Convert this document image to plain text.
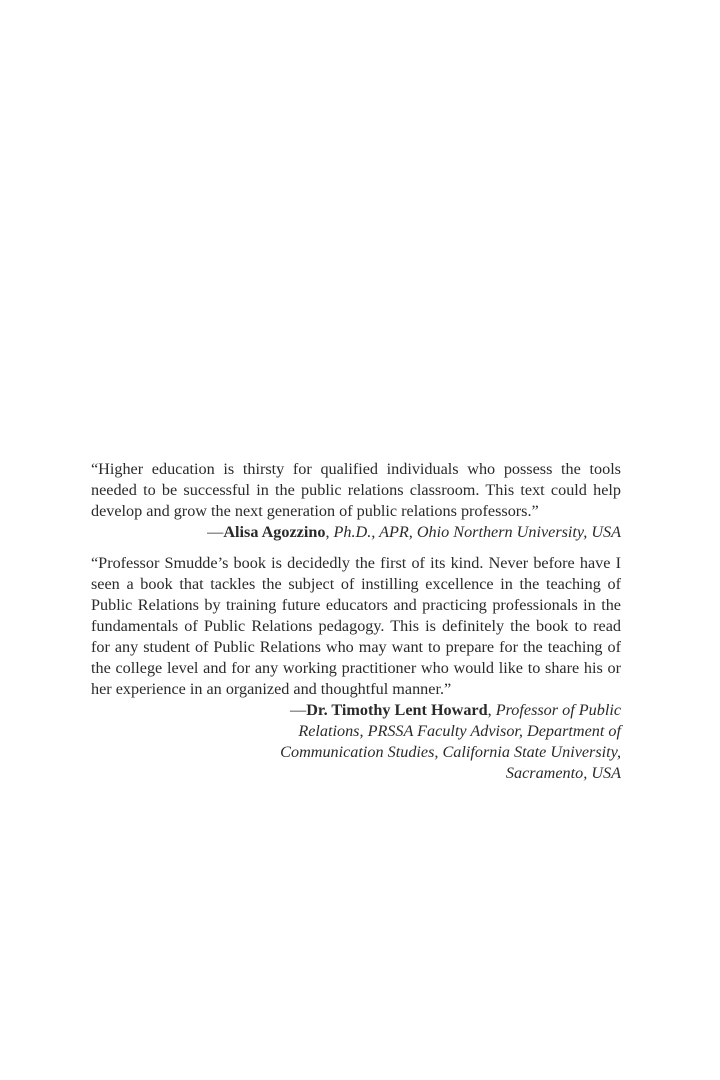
“Higher education is thirsty for qualified individuals who possess the tools needed to be successful in the public relations classroom. This text could help develop and grow the next generation of public relations professors.”

—Alisa Agozzino, Ph.D., APR, Ohio Northern University, USA

“Professor Smudde’s book is decidedly the first of its kind. Never before have I seen a book that tackles the subject of instilling excellence in the teaching of Public Relations by training future educators and practicing professionals in the fundamentals of Public Relations pedagogy. This is definitely the book to read for any student of Public Relations who may want to prepare for the teaching of the college level and for any working practitioner who would like to share his or her experience in an organized and thoughtful manner.”

—Dr. Timothy Lent Howard, Professor of Public Relations, PRSSA Faculty Advisor, Department of Communication Studies, California State University, Sacramento, USA
